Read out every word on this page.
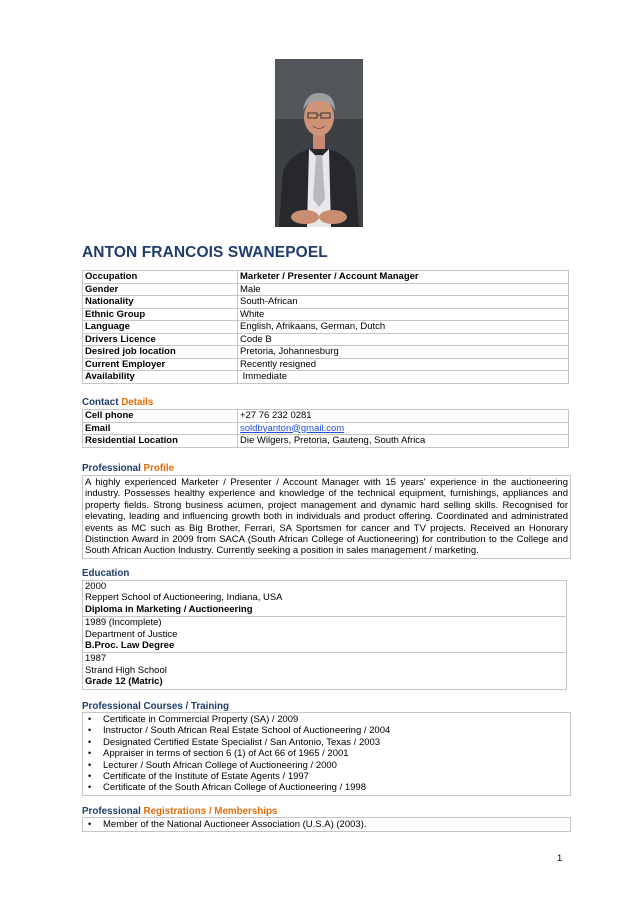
ANTON FRANCOIS SWANEPOEL
Occupation	Marketer / Presenter / Account Manager
Gender	Male
Nationality	South-African
Ethnic Group	White
Language	English, Afrikaans, German, Dutch
Drivers Licence	Code B
Desired job location	Pretoria, Johannesburg
Current Employer	Recently resigned
Availability	Immediate
Contact Details
Cell phone	+27 76 232 0281
Email	soldbyanton@gmail.com
Residential Location	Die Wilgers, Pretoria, Gauteng, South Africa
Professional Profile
A highly experienced Marketer / Presenter / Account Manager with 15 years' experience in the auctioneering industry. Possesses healthy experience and knowledge of the technical equipment, furnishings, appliances and property fields. Strong business acumen, project management and dynamic hard selling skills. Recognised for elevating, leading and influencing growth both in individuals and product offering. Coordinated and administrated events as MC such as Big Brother, Ferrari, SA Sportsmen for cancer and TV projects. Received an Honorary Distinction Award in 2009 from SACA (South African College of Auctioneering) for contribution to the College and South African Auction Industry. Currently seeking a position in sales management / marketing.
Education
2000
Reppert School of Auctioneering, Indiana, USA
Diploma in Marketing / Auctioneering
1989 (Incomplete)
Department of Justice
B.Proc. Law Degree
1987
Strand High School
Grade 12 (Matric)
Professional Courses / Training
• Certificate in Commercial Property (SA) / 2009
• Instructor / South African Real Estate School of Auctioneering / 2004
• Designated Certified Estate Specialist / San Antonio, Texas / 2003
• Appraiser in terms of section 6 (1) of Act 66 of 1965 / 2001
• Lecturer / South African College of Auctioneering / 2000
• Certificate of the Institute of Estate Agents / 1997
• Certificate of the South African College of Auctioneering / 1998
Professional Registrations / Memberships
• Member of the National Auctioneer Association (U.S.A) (2003).
1
